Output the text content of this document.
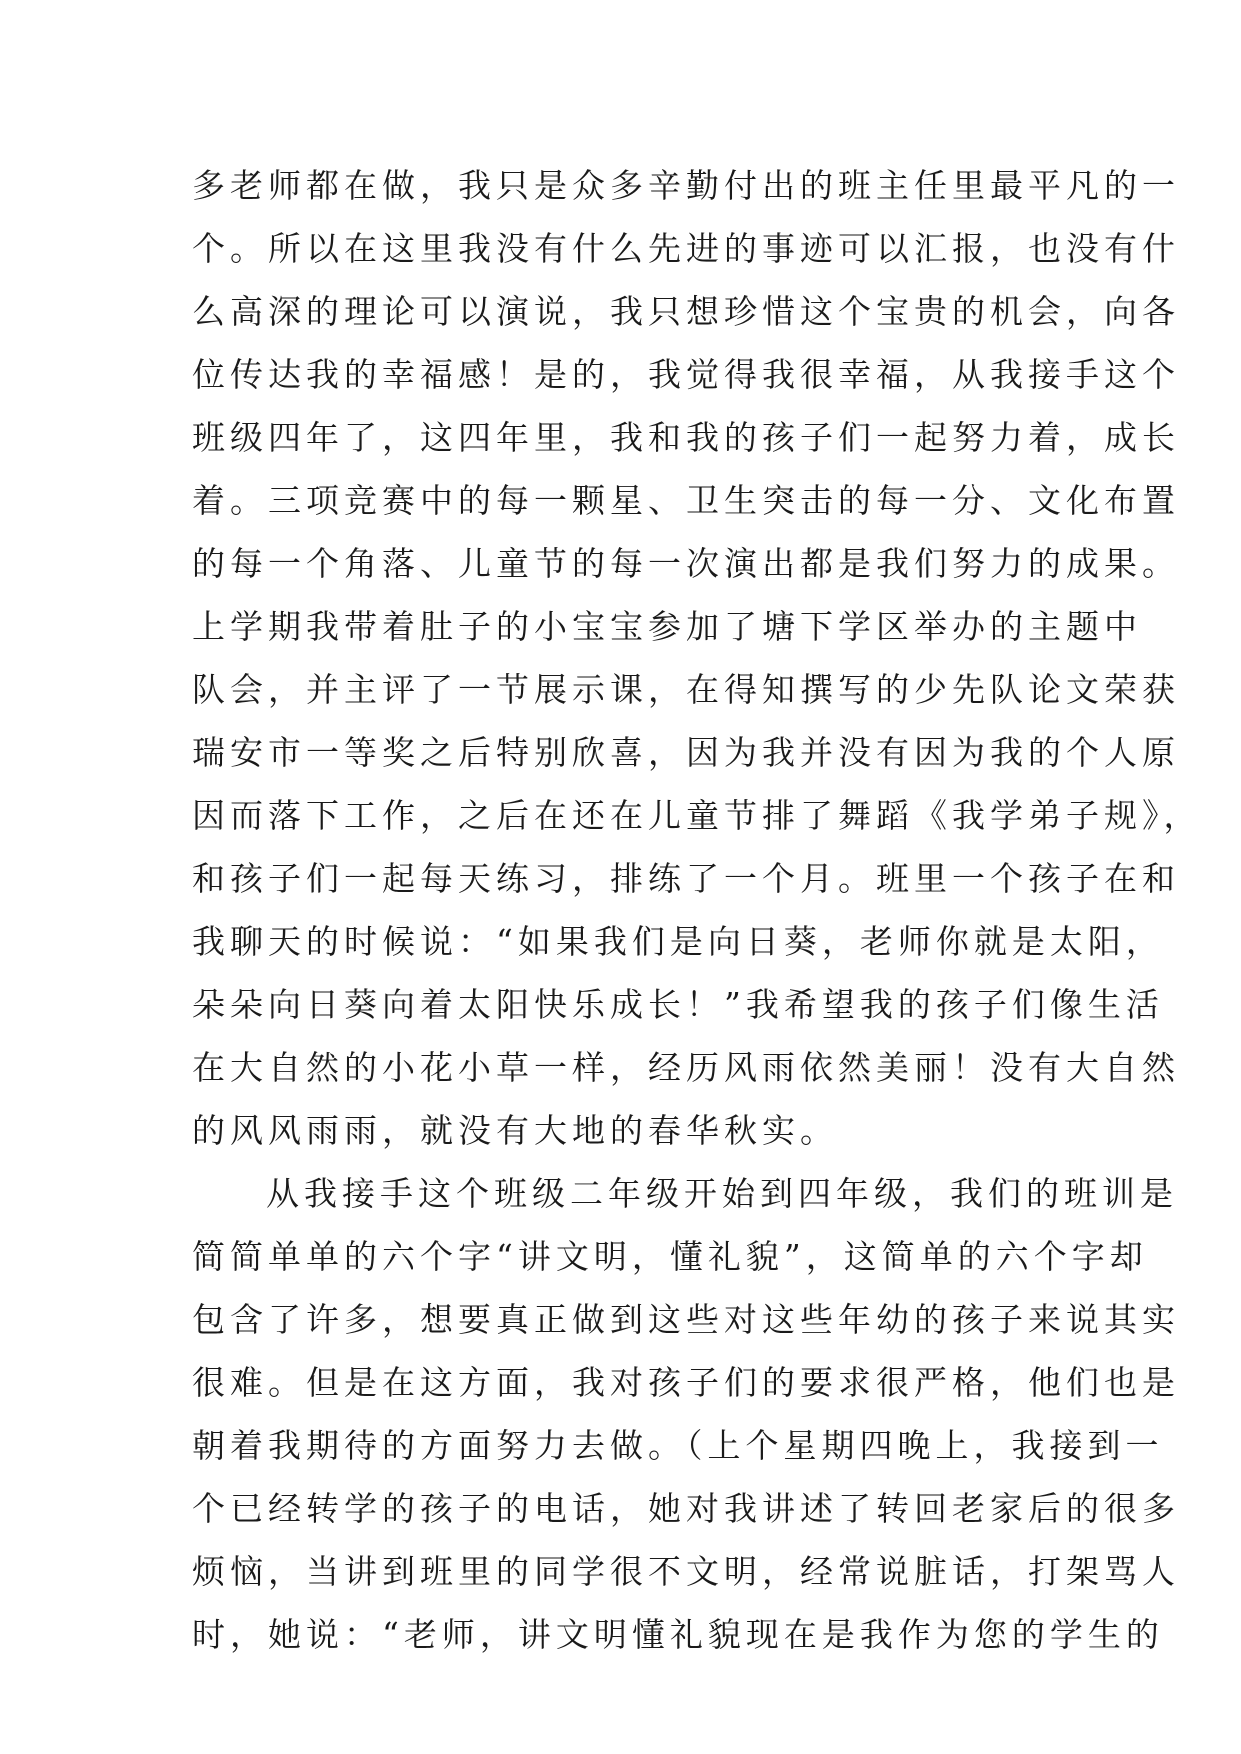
多老师都在做，我只是众多辛勤付出的班主任里最平凡的一
个。所以在这里我没有什么先进的事迹可以汇报，也没有什
么高深的理论可以演说，我只想珍惜这个宝贵的机会，向各
位传达我的幸福感！是的，我觉得我很幸福，从我接手这个
班级四年了，这四年里，我和我的孩子们一起努力着，成长
着。三项竞赛中的每一颗星、卫生突击的每一分、文化布置
的每一个角落、儿童节的每一次演出都是我们努力的成果。
上学期我带着肚子的小宝宝参加了塘下学区举办的主题中
队会，并主评了一节展示课，在得知撰写的少先队论文荣获
瑞安市一等奖之后特别欣喜，因为我并没有因为我的个人原
因而落下工作，之后在还在儿童节排了舞蹈《我学弟子规》，
和孩子们一起每天练习，排练了一个月。班里一个孩子在和
我聊天的时候说：“如果我们是向日葵，老师你就是太阳，
朵朵向日葵向着太阳快乐成长！”我希望我的孩子们像生活
在大自然的小花小草一样，经历风雨依然美丽！没有大自然
的风风雨雨，就没有大地的春华秋实。
从我接手这个班级二年级开始到四年级，我们的班训是
简简单单的六个字“讲文明，懂礼貌”，这简单的六个字却
包含了许多，想要真正做到这些对这些年幼的孩子来说其实
很难。但是在这方面，我对孩子们的要求很严格，他们也是
朝着我期待的方面努力去做。（上个星期四晚上，我接到一
个已经转学的孩子的电话，她对我讲述了转回老家后的很多
烦恼，当讲到班里的同学很不文明，经常说脏话，打架骂人
时，她说：“老师，讲文明懂礼貌现在是我作为您的学生的
